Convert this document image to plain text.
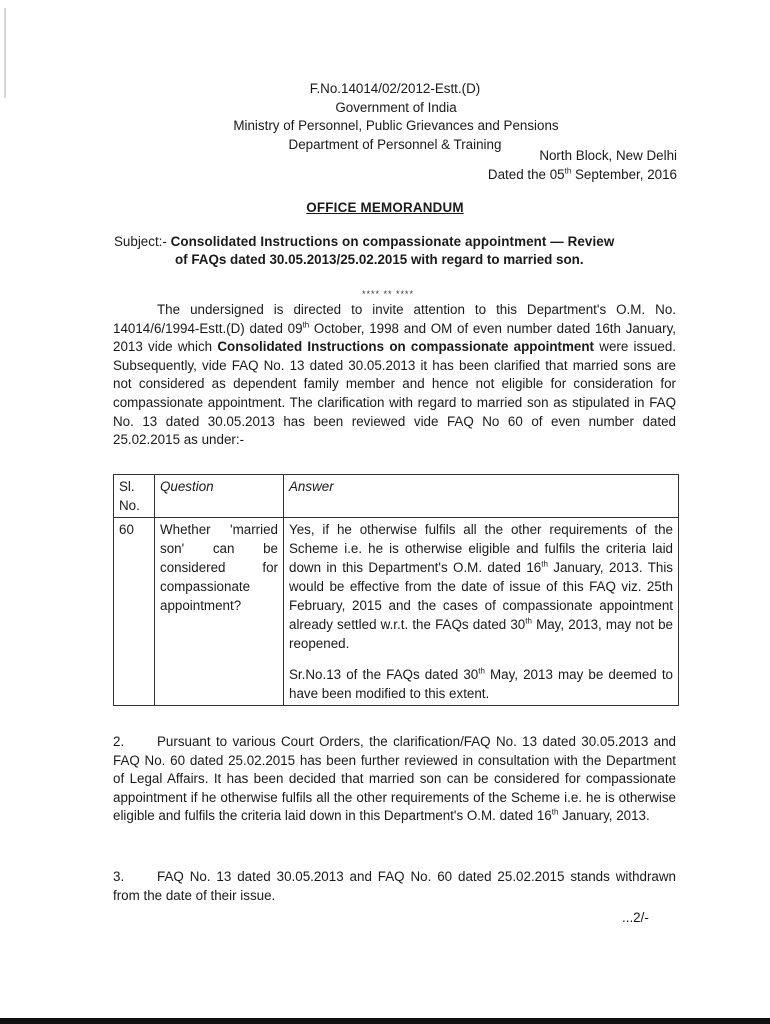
F.No.14014/02/2012-Estt.(D)
Government of India
Ministry of Personnel, Public Grievances and Pensions
Department of Personnel & Training
North Block, New Delhi
Dated the 05th September, 2016
OFFICE MEMORANDUM
Subject:- Consolidated Instructions on compassionate appointment — Review
of FAQs dated 30.05.2013/25.02.2015 with regard to married son.
**** ** ****
The undersigned is directed to invite attention to this Department's O.M. No. 14014/6/1994-Estt.(D) dated 09th October, 1998 and OM of even number dated 16th January, 2013 vide which Consolidated Instructions on compassionate appointment were issued. Subsequently, vide FAQ No. 13 dated 30.05.2013 it has been clarified that married sons are not considered as dependent family member and hence not eligible for consideration for compassionate appointment. The clarification with regard to married son as stipulated in FAQ No. 13 dated 30.05.2013 has been reviewed vide FAQ No 60 of even number dated 25.02.2015 as under:-
Sl. No.	Question	Answer
60	Whether 'married son' can be considered for compassionate appointment?	Yes, if he otherwise fulfils all the other requirements of the Scheme i.e. he is otherwise eligible and fulfils the criteria laid down in this Department's O.M. dated 16th January, 2013. This would be effective from the date of issue of this FAQ viz. 25th February, 2015 and the cases of compassionate appointment already settled w.r.t. the FAQs dated 30th May, 2013, may not be reopened.

Sr.No.13 of the FAQs dated 30th May, 2013 may be deemed to have been modified to this extent.

2. Pursuant to various Court Orders, the clarification/FAQ No. 13 dated 30.05.2013 and FAQ No. 60 dated 25.02.2015 has been further reviewed in consultation with the Department of Legal Affairs. It has been decided that married son can be considered for compassionate appointment if he otherwise fulfils all the other requirements of the Scheme i.e. he is otherwise eligible and fulfils the criteria laid down in this Department's O.M. dated 16th January, 2013.
3. FAQ No. 13 dated 30.05.2013 and FAQ No. 60 dated 25.02.2015 stands withdrawn from the date of their issue.
...2/-
